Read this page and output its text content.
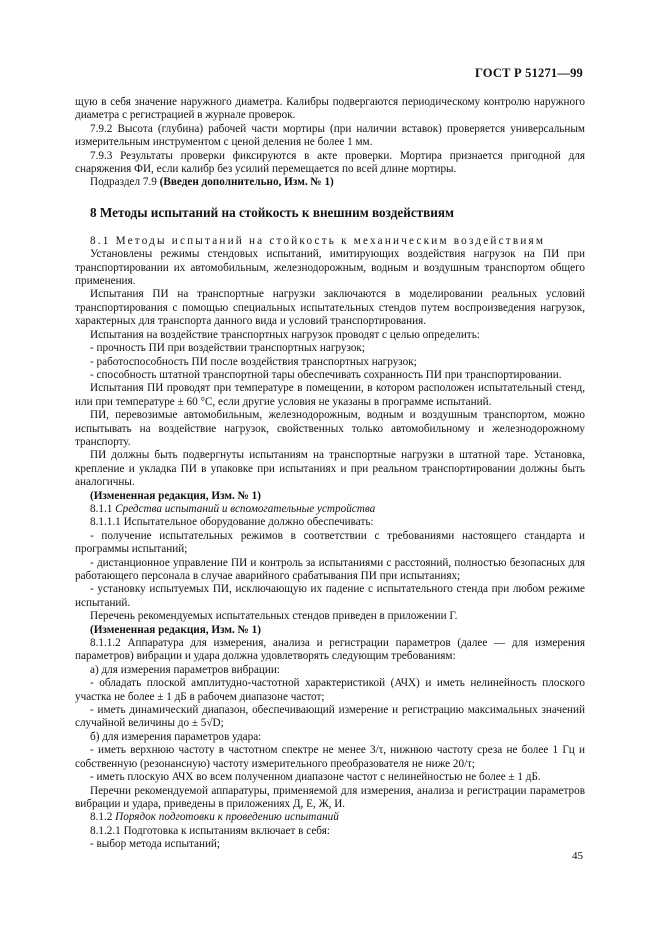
ГОСТ Р 51271—99

щую в себя значение наружного диаметра. Калибры подвергаются периодическому контролю наружного диаметра с регистрацией в журнале проверок.

7.9.2 Высота (глубина) рабочей части мортиры (при наличии вставок) проверяется универсальным измерительным инструментом с ценой деления не более 1 мм.

7.9.3 Результаты проверки фиксируются в акте проверки. Мортира признается пригодной для снаряжения ФИ, если калибр без усилий перемещается по всей длине мортиры.

Подраздел 7.9 (Введен дополнительно, Изм. № 1)

8 Методы испытаний на стойкость к внешним воздействиям

8.1 Методы испытаний на стойкость к механическим воздействиям

Установлены режимы стендовых испытаний, имитирующих воздействия нагрузок на ПИ при транспортировании их автомобильным, железнодорожным, водным и воздушным транспортом общего применения.

Испытания ПИ на транспортные нагрузки заключаются в моделировании реальных условий транспортирования с помощью специальных испытательных стендов путем воспроизведения нагрузок, характерных для транспорта данного вида и условий транспортирования.

Испытания на воздействие транспортных нагрузок проводят с целью определить:

- прочность ПИ при воздействии транспортных нагрузок;

- работоспособность ПИ после воздействия транспортных нагрузок;

- способность штатной транспортной тары обеспечивать сохранность ПИ при транспортировании.

Испытания ПИ проводят при температуре в помещении, в котором расположен испытательный стенд, или при температуре ± 60 °С, если другие условия не указаны в программе испытаний.

ПИ, перевозимые автомобильным, железнодорожным, водным и воздушным транспортом, можно испытывать на воздействие нагрузок, свойственных только автомобильному и железнодорожному транспорту.

ПИ должны быть подвергнуты испытаниям на транспортные нагрузки в штатной таре. Установка, крепление и укладка ПИ в упаковке при испытаниях и при реальном транспортировании должны быть аналогичны.

(Измененная редакция, Изм. № 1)

8.1.1 Средства испытаний и вспомогательные устройства

8.1.1.1 Испытательное оборудование должно обеспечивать:

- получение испытательных режимов в соответствии с требованиями настоящего стандарта и программы испытаний;

- дистанционное управление ПИ и контроль за испытаниями с расстояний, полностью безопасных для работающего персонала в случае аварийного срабатывания ПИ при испытаниях;

- установку испытуемых ПИ, исключающую их падение с испытательного стенда при любом режиме испытаний.

Перечень рекомендуемых испытательных стендов приведен в приложении Г.

(Измененная редакция, Изм. № 1)

8.1.1.2 Аппаратура для измерения, анализа и регистрации параметров (далее — для измерения параметров) вибрации и удара должна удовлетворять следующим требованиям:

а) для измерения параметров вибрации:

- обладать плоской амплитудно-частотной характеристикой (АЧХ) и иметь нелинейность плоского участка не более ± 1 дБ в рабочем диапазоне частот;

- иметь динамический диапазон, обеспечивающий измерение и регистрацию максимальных значений случайной величины до ± 5√D;

б) для измерения параметров удара:

- иметь верхнюю частоту в частотном спектре не менее 3/τ, нижнюю частоту среза не более 1 Гц и собственную (резонансную) частоту измерительного преобразователя не ниже 20/τ;

- иметь плоскую АЧХ во всем полученном диапазоне частот с нелинейностью не более ± 1 дБ.

Перечни рекомендуемой аппаратуры, применяемой для измерения, анализа и регистрации параметров вибрации и удара, приведены в приложениях Д, Е, Ж, И.

8.1.2 Порядок подготовки к проведению испытаний

8.1.2.1 Подготовка к испытаниям включает в себя:

- выбор метода испытаний;

45
